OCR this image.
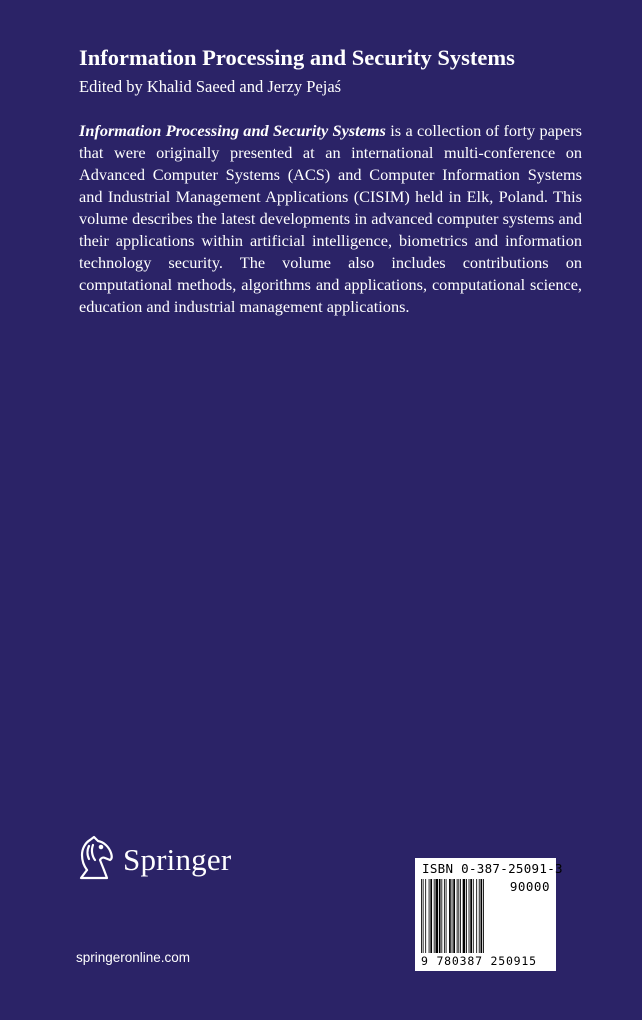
Information Processing and Security Systems
Edited by Khalid Saeed and Jerzy Pejaś

Information Processing and Security Systems is a collection of forty papers that were originally presented at an international multi-conference on Advanced Computer Systems (ACS) and Computer Information Systems and Industrial Management Applications (CISIM) held in Elk, Poland. This volume describes the latest developments in advanced computer systems and their applications within artificial intelligence, biometrics and information technology security. The volume also includes contributions on computational methods, algorithms and applications, computational science, education and industrial management applications.

Springer
springeronline.com
ISBN 0-387-25091-3
90000
9 780387 250915
